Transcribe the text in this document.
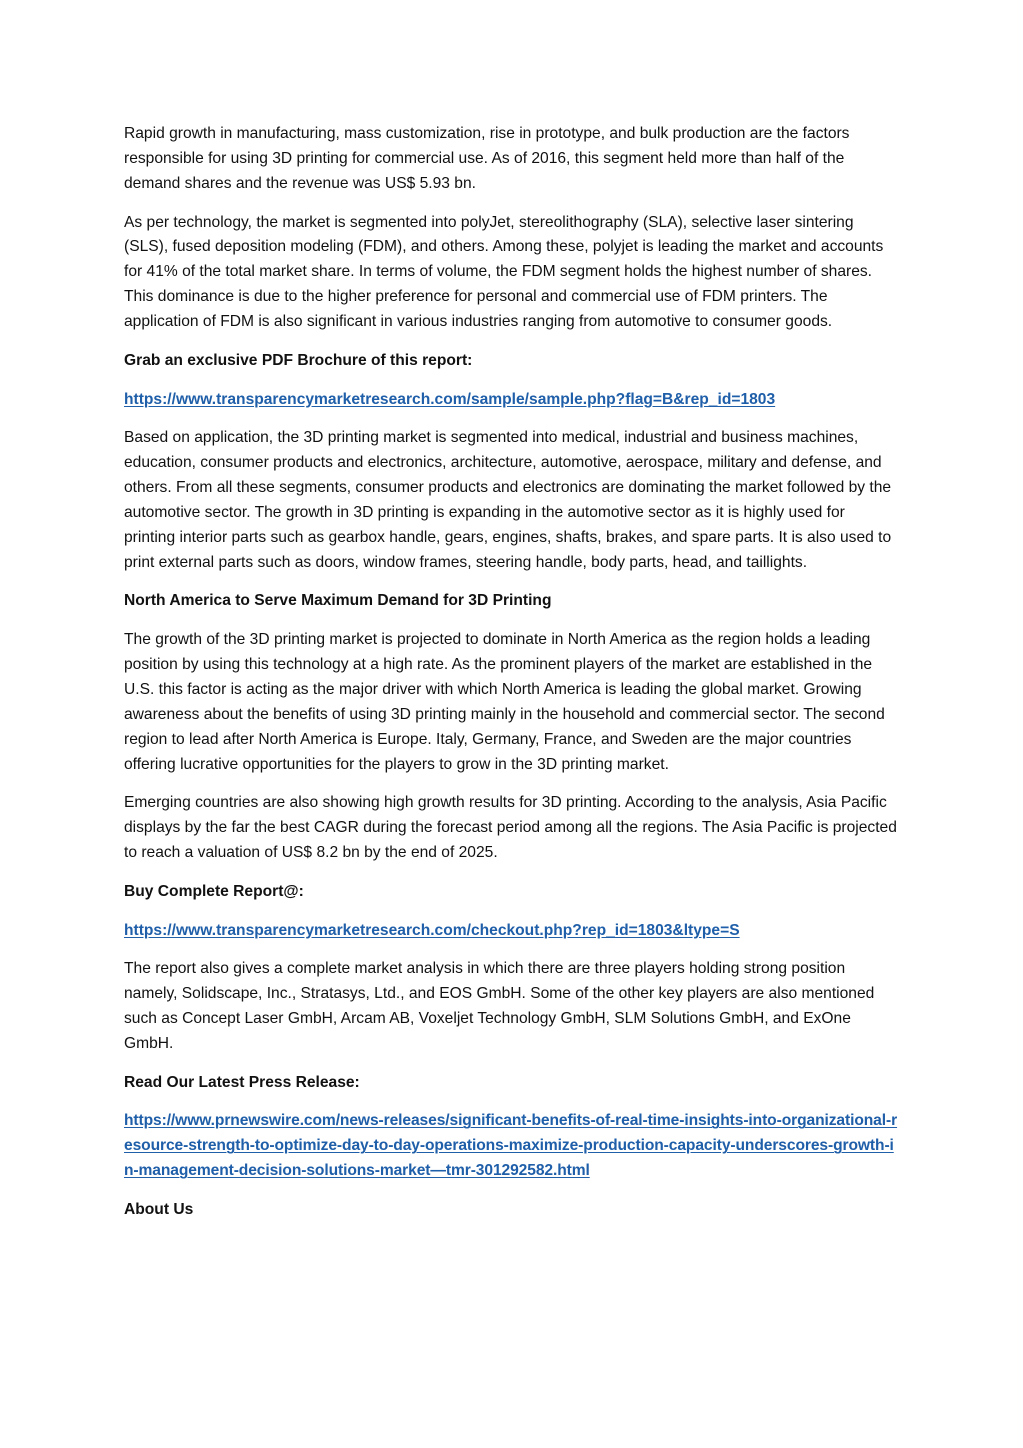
Rapid growth in manufacturing, mass customization, rise in prototype, and bulk production are the factors responsible for using 3D printing for commercial use. As of 2016, this segment held more than half of the demand shares and the revenue was US$ 5.93 bn.

As per technology, the market is segmented into polyJet, stereolithography (SLA), selective laser sintering (SLS), fused deposition modeling (FDM), and others. Among these, polyjet is leading the market and accounts for 41% of the total market share. In terms of volume, the FDM segment holds the highest number of shares. This dominance is due to the higher preference for personal and commercial use of FDM printers. The application of FDM is also significant in various industries ranging from automotive to consumer goods.

Grab an exclusive PDF Brochure of this report:

https://www.transparencymarketresearch.com/sample/sample.php?flag=B&rep_id=1803

Based on application, the 3D printing market is segmented into medical, industrial and business machines, education, consumer products and electronics, architecture, automotive, aerospace, military and defense, and others. From all these segments, consumer products and electronics are dominating the market followed by the automotive sector. The growth in 3D printing is expanding in the automotive sector as it is highly used for printing interior parts such as gearbox handle, gears, engines, shafts, brakes, and spare parts. It is also used to print external parts such as doors, window frames, steering handle, body parts, head, and taillights.

North America to Serve Maximum Demand for 3D Printing

The growth of the 3D printing market is projected to dominate in North America as the region holds a leading position by using this technology at a high rate. As the prominent players of the market are established in the U.S. this factor is acting as the major driver with which North America is leading the global market. Growing awareness about the benefits of using 3D printing mainly in the household and commercial sector. The second region to lead after North America is Europe. Italy, Germany, France, and Sweden are the major countries offering lucrative opportunities for the players to grow in the 3D printing market.

Emerging countries are also showing high growth results for 3D printing. According to the analysis, Asia Pacific displays by the far the best CAGR during the forecast period among all the regions. The Asia Pacific is projected to reach a valuation of US$ 8.2 bn by the end of 2025.

Buy Complete Report@:

https://www.transparencymarketresearch.com/checkout.php?rep_id=1803&ltype=S

The report also gives a complete market analysis in which there are three players holding strong position namely, Solidscape, Inc., Stratasys, Ltd., and EOS GmbH. Some of the other key players are also mentioned such as Concept Laser GmbH, Arcam AB, Voxeljet Technology GmbH, SLM Solutions GmbH, and ExOne GmbH.

Read Our Latest Press Release:

https://www.prnewswire.com/news-releases/significant-benefits-of-real-time-insights-into-organizational-resource-strength-to-optimize-day-to-day-operations-maximize-production-capacity-underscores-growth-in-management-decision-solutions-market—tmr-301292582.html

About Us
